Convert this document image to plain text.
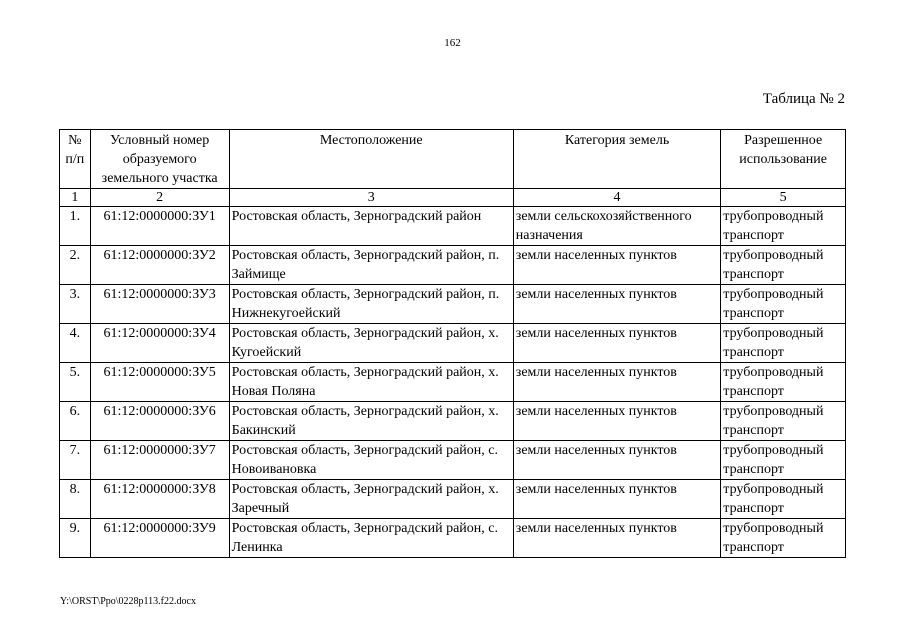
162
Таблица № 2
№ п/п	Условный номер образуемого земельного участка	Местоположение	Категория земель	Разрешенное использование
1	2	3	4	5
1.	61:12:0000000:ЗУ1	Ростовская область, Зерноградский район	земли сельскохозяйственного назначения	трубопроводный транспорт
2.	61:12:0000000:ЗУ2	Ростовская область, Зерноградский район, п. Займище	земли населенных пунктов	трубопроводный транспорт
3.	61:12:0000000:ЗУ3	Ростовская область, Зерноградский район, п. Нижнекугоейский	земли населенных пунктов	трубопроводный транспорт
4.	61:12:0000000:ЗУ4	Ростовская область, Зерноградский район, х. Кугоейский	земли населенных пунктов	трубопроводный транспорт
5.	61:12:0000000:ЗУ5	Ростовская область, Зерноградский район, х. Новая Поляна	земли населенных пунктов	трубопроводный транспорт
6.	61:12:0000000:ЗУ6	Ростовская область, Зерноградский район, х. Бакинский	земли населенных пунктов	трубопроводный транспорт
7.	61:12:0000000:ЗУ7	Ростовская область, Зерноградский район, с. Новоивановка	земли населенных пунктов	трубопроводный транспорт
8.	61:12:0000000:ЗУ8	Ростовская область, Зерноградский район, х. Заречный	земли населенных пунктов	трубопроводный транспорт
9.	61:12:0000000:ЗУ9	Ростовская область, Зерноградский район, с. Ленинка	земли населенных пунктов	трубопроводный транспорт
Y:\ORST\Ppo\0228p113.f22.docx
